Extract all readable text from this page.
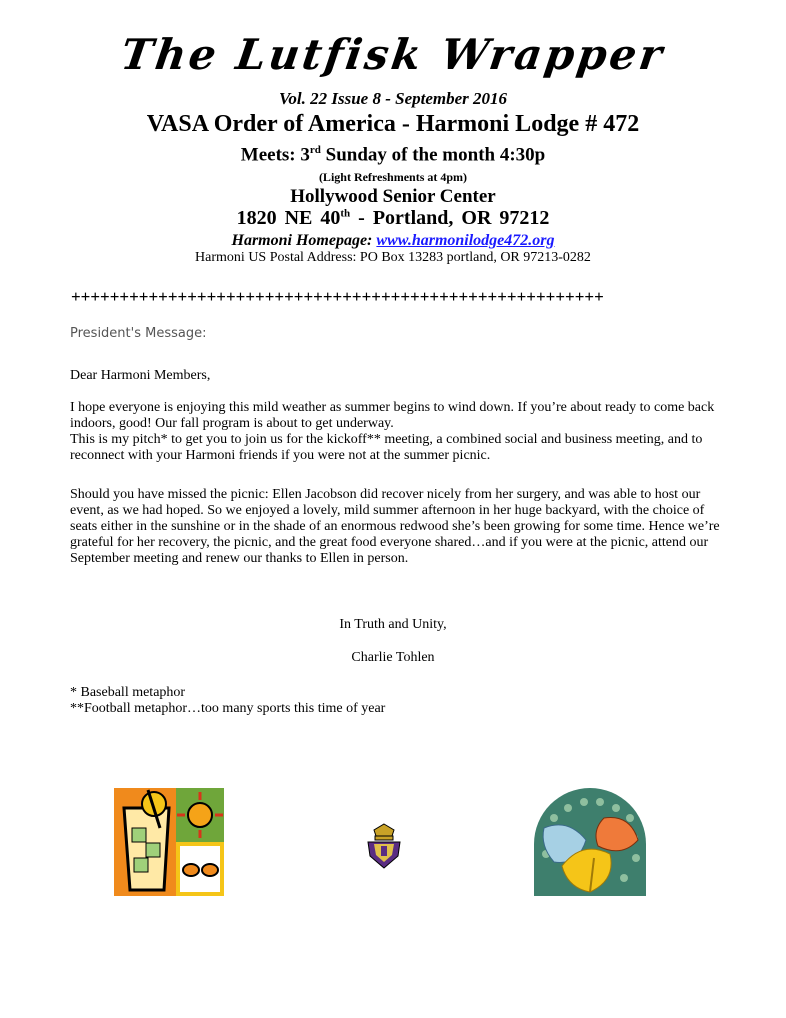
The Lutfisk Wrapper
Vol. 22 Issue 8 - September 2016
VASA Order of America - Harmoni Lodge # 472
Meets: 3rd Sunday of the month 4:30p
(Light Refreshments at 4pm)
Hollywood Senior Center
1820 NE 40th - Portland, OR 97212
Harmoni Homepage: www.harmonilodge472.org
Harmoni US Postal Address: PO Box 13283 portland, OR 97213-0282
+++++++++++++++++++++++++++++++++++++++++++++++++++++++
President's Message:
Dear Harmoni Members,
I hope everyone is enjoying this mild weather as summer begins to wind down. If you’re about ready to come back indoors, good! Our fall program is about to get underway.
This is my pitch* to get you to join us for the kickoff** meeting, a combined social and business meeting, and to reconnect with your Harmoni friends if you were not at the summer picnic.
Should you have missed the picnic: Ellen Jacobson did recover nicely from her surgery, and was able to host our event, as we had hoped. So we enjoyed a lovely, mild summer afternoon in her huge backyard, with the choice of seats either in the sunshine or in the shade of an enormous redwood she’s been growing for some time. Hence we’re grateful for her recovery, the picnic, and the great food everyone shared…and if you were at the picnic, attend our September meeting and renew our thanks to Ellen in person.
In Truth and Unity,
Charlie Tohlen
* Baseball metaphor
**Football metaphor…too many sports this time of year
